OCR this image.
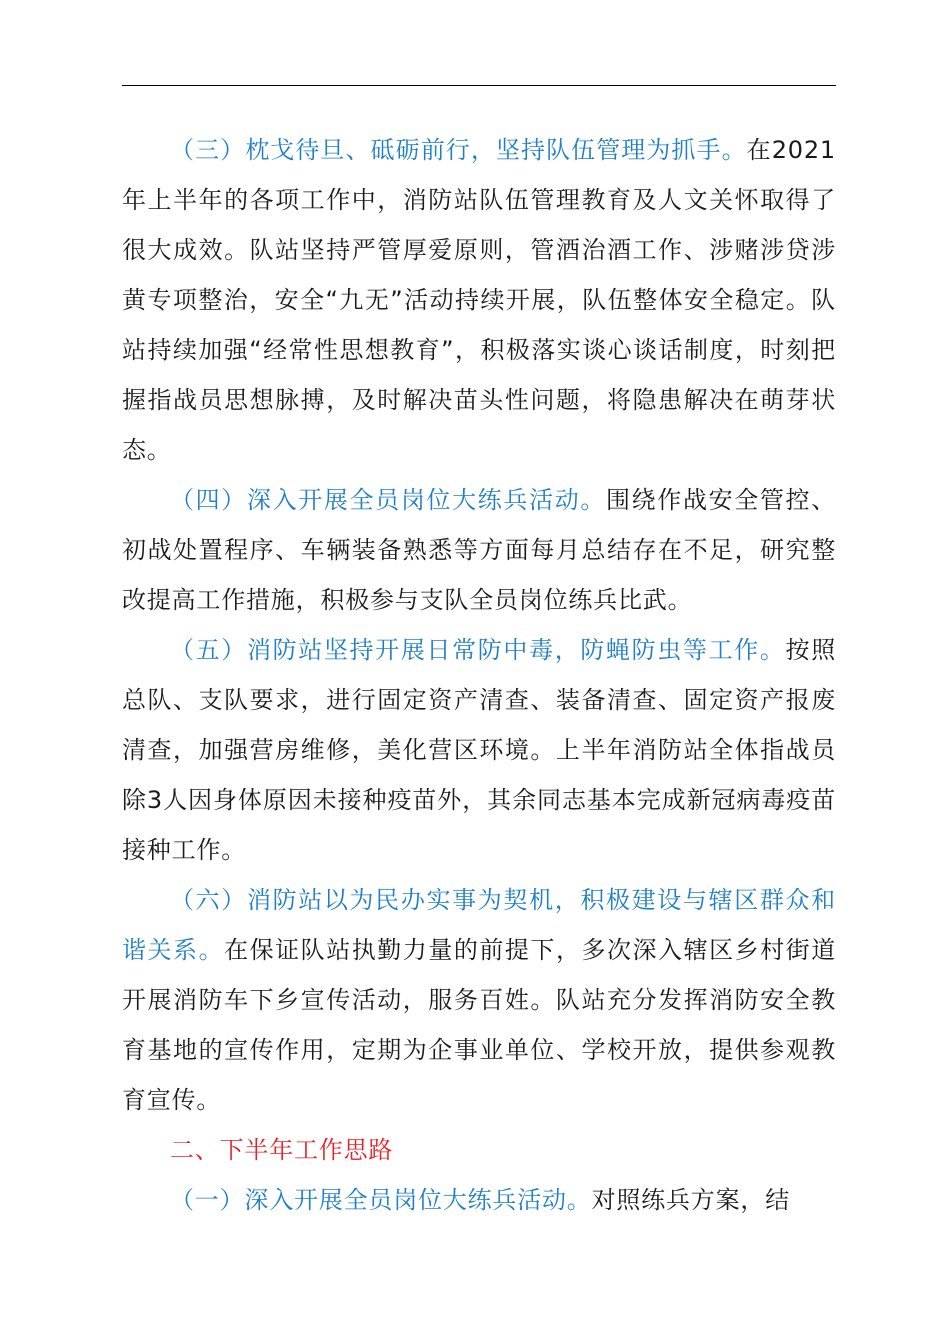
（三）枕戈待旦、砥砺前行，坚持队伍管理为抓手。在2021年上半年的各项工作中，消防站队伍管理教育及人文关怀取得了很大成效。队站坚持严管厚爱原则，管酒治酒工作、涉赌涉贷涉黄专项整治，安全“九无”活动持续开展，队伍整体安全稳定。队站持续加强“经常性思想教育”，积极落实谈心谈话制度，时刻把握指战员思想脉搏，及时解决苗头性问题，将隐患解决在萌芽状态。

（四）深入开展全员岗位大练兵活动。围绕作战安全管控、初战处置程序、车辆装备熟悉等方面每月总结存在不足，研究整改提高工作措施，积极参与支队全员岗位练兵比武。

（五）消防站坚持开展日常防中毒，防蝇防虫等工作。按照总队、支队要求，进行固定资产清查、装备清查、固定资产报废清查，加强营房维修，美化营区环境。上半年消防站全体指战员除3人因身体原因未接种疫苗外，其余同志基本完成新冠病毒疫苗接种工作。

（六）消防站以为民办实事为契机，积极建设与辖区群众和谐关系。在保证队站执勤力量的前提下，多次深入辖区乡村街道开展消防车下乡宣传活动，服务百姓。队站充分发挥消防安全教育基地的宣传作用，定期为企事业单位、学校开放，提供参观教育宣传。

二、下半年工作思路

（一）深入开展全员岗位大练兵活动。对照练兵方案，结
